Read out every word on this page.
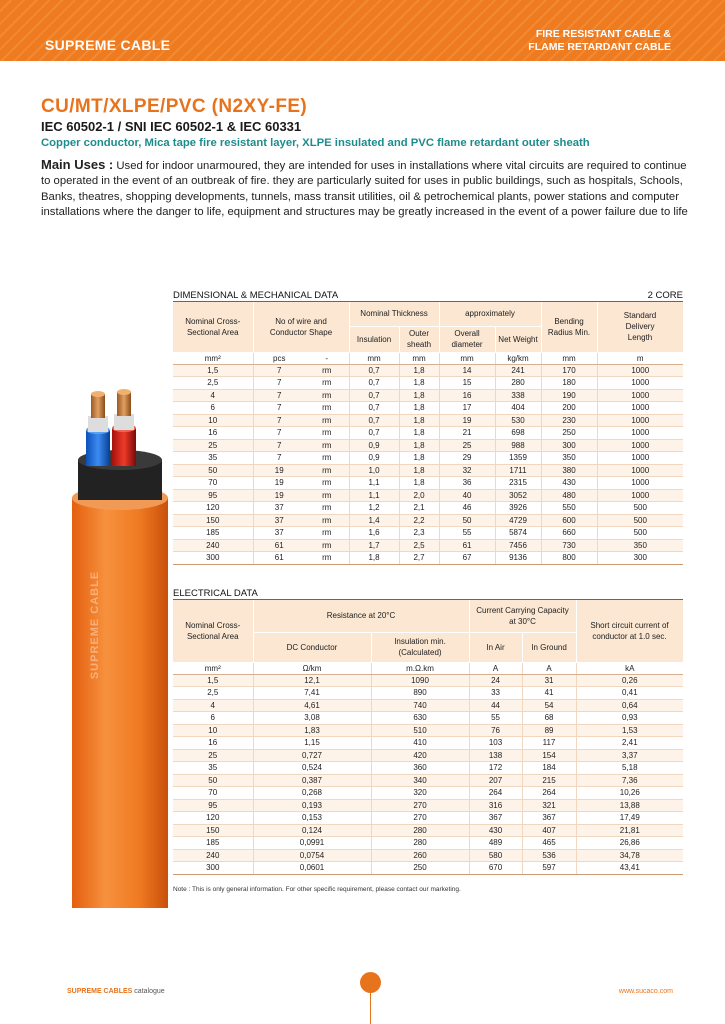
SUPREME CABLE
FIRE RESISTANT CABLE &
FLAME RETARDANT CABLE
CU/MT/XLPE/PVC (N2XY-FE)
IEC 60502-1 / SNI IEC 60502-1 & IEC 60331
Copper conductor, Mica tape fire resistant layer, XLPE insulated and PVC flame retardant outer sheath
Main Uses : Used for indoor unarmoured, they are intended for uses in installations where vital circuits are required to continue to operated in the event of an outbreak of fire. they are particularly suited for uses in public buildings, such as hospitals, Schools, Banks, theatres, shopping developments, tunnels, mass transit utilities, oil & petrochemical plants, power stations and computer installations where the danger to life, equipment and structures may be greatly increased in the event of a power failure due to life
SUPREME CABLE
DIMENSIONAL & MECHANICAL DATA	2 CORE
Nominal Cross-Sectional Area	No of wire and Conductor Shape		Nominal Thickness		approximately		Bending Radius Min.	Standard Delivery Length
			Insulation	Outer sheath	Overall diameter	Net Weight		
mm²	pcs	-	mm	mm	mm	kg/km	mm	m
1,5	7	rm	0,7	1,8	14	241	170	1000
2,5	7	rm	0,7	1,8	15	280	180	1000
4	7	rm	0,7	1,8	16	338	190	1000
6	7	rm	0,7	1,8	17	404	200	1000
10	7	rm	0,7	1,8	19	530	230	1000
16	7	rm	0,7	1,8	21	698	250	1000
25	7	rm	0,9	1,8	25	988	300	1000
35	7	rm	0,9	1,8	29	1359	350	1000
50	19	rm	1,0	1,8	32	1711	380	1000
70	19	rm	1,1	1,8	36	2315	430	1000
95	19	rm	1,1	2,0	40	3052	480	1000
120	37	rm	1,2	2,1	46	3926	550	500
150	37	rm	1,4	2,2	50	4729	600	500
185	37	rm	1,6	2,3	55	5874	660	500
240	61	rm	1,7	2,5	61	7456	730	350
300	61	rm	1,8	2,7	67	9136	800	300
ELECTRICAL DATA
Nominal Cross-Sectional Area	Resistance at 20°C		Current Carrying Capacity at 30°C		Short circuit current of conductor at 1.0 sec.
	DC Conductor	Insulation min. (Calculated)	In Air	In Ground	
mm²	Ω/km	m.Ω.km	A	A	kA
1,5	12,1	1090	24	31	0,26
2,5	7,41	890	33	41	0,41
4	4,61	740	44	54	0,64
6	3,08	630	55	68	0,93
10	1,83	510	76	89	1,53
16	1,15	410	103	117	2,41
25	0,727	420	138	154	3,37
35	0,524	360	172	184	5,18
50	0,387	340	207	215	7,36
70	0,268	320	264	264	10,26
95	0,193	270	316	321	13,88
120	0,153	270	367	367	17,49
150	0,124	280	430	407	21,81
185	0,0991	280	489	465	26,86
240	0,0754	260	580	536	34,78
300	0,0601	250	670	597	43,41
Note : This is only general information. For other specific requirement, please contact our marketing.
SUPREME CABLES catalogue	www.sucaco.com
